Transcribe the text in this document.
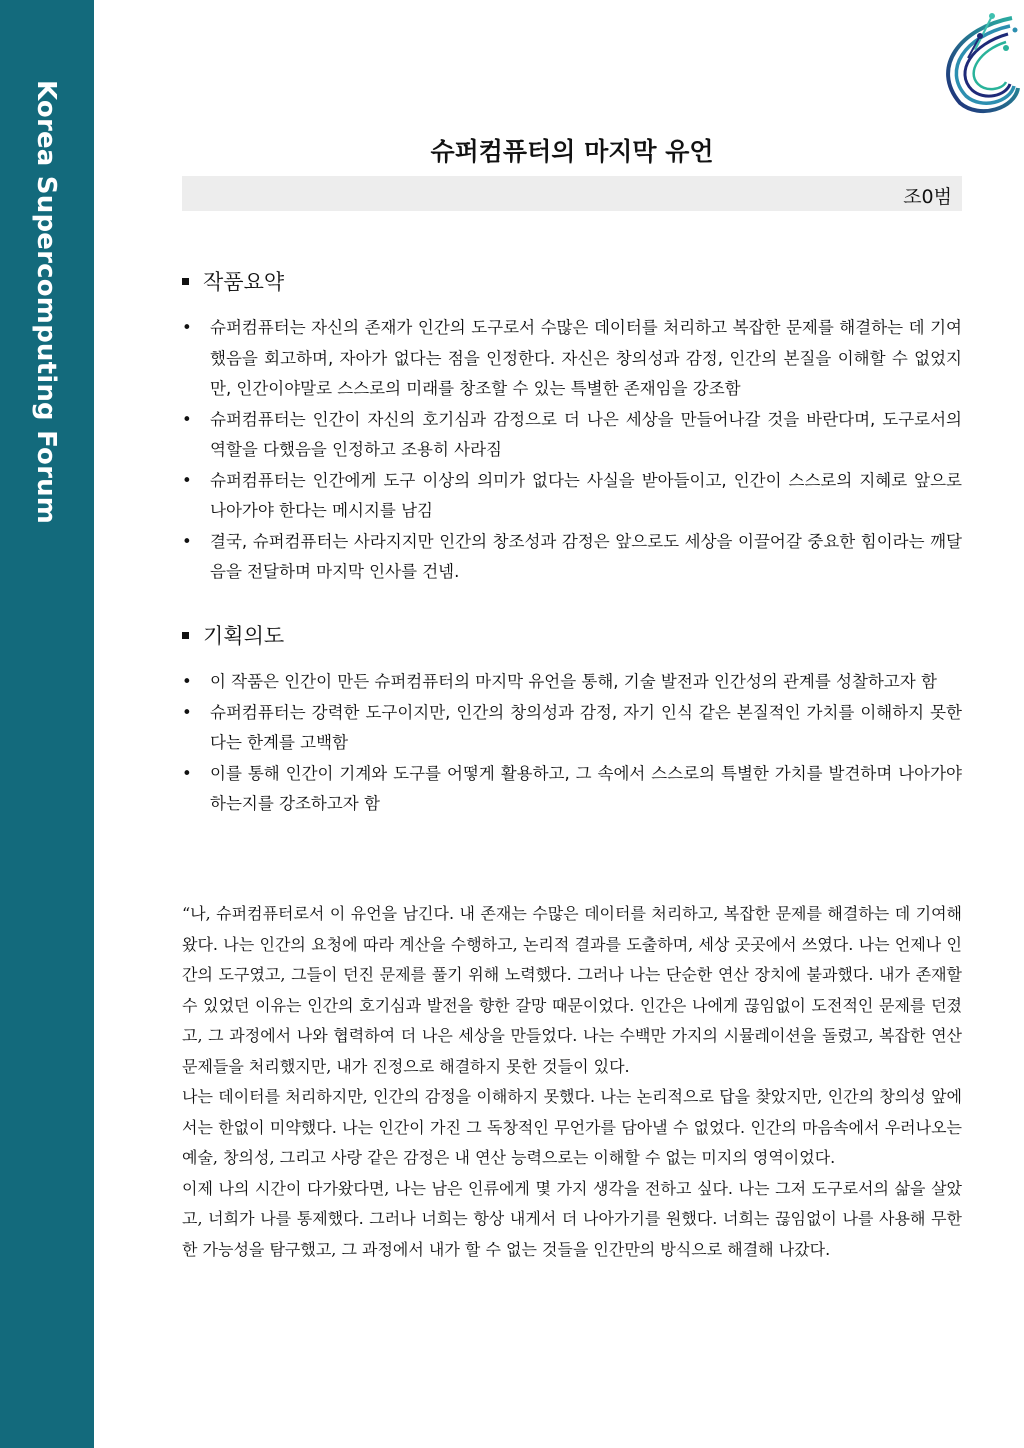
Korea Supercomputing Forum	슈퍼컴퓨터의 마지막 유언
조0범
작품요약
• 슈퍼컴퓨터는 자신의 존재가 인간의 도구로서 수많은 데이터를 처리하고 복잡한 문제를 해결하는 데 기여했음을 회고하며, 자아가 없다는 점을 인정한다. 자신은 창의성과 감정, 인간의 본질을 이해할 수 없었지만, 인간이야말로 스스로의 미래를 창조할 수 있는 특별한 존재임을 강조함
• 슈퍼컴퓨터는 인간이 자신의 호기심과 감정으로 더 나은 세상을 만들어나갈 것을 바란다며, 도구로서의 역할을 다했음을 인정하고 조용히 사라짐
• 슈퍼컴퓨터는 인간에게 도구 이상의 의미가 없다는 사실을 받아들이고, 인간이 스스로의 지혜로 앞으로 나아가야 한다는 메시지를 남김
• 결국, 슈퍼컴퓨터는 사라지지만 인간의 창조성과 감정은 앞으로도 세상을 이끌어갈 중요한 힘이라는 깨달음을 전달하며 마지막 인사를 건넴.
기획의도
• 이 작품은 인간이 만든 슈퍼컴퓨터의 마지막 유언을 통해, 기술 발전과 인간성의 관계를 성찰하고자 함
• 슈퍼컴퓨터는 강력한 도구이지만, 인간의 창의성과 감정, 자기 인식 같은 본질적인 가치를 이해하지 못한다는 한계를 고백함
• 이를 통해 인간이 기계와 도구를 어떻게 활용하고, 그 속에서 스스로의 특별한 가치를 발견하며 나아가야 하는지를 강조하고자 함

“나, 슈퍼컴퓨터로서 이 유언을 남긴다. 내 존재는 수많은 데이터를 처리하고, 복잡한 문제를 해결하는 데 기여해왔다. 나는 인간의 요청에 따라 계산을 수행하고, 논리적 결과를 도출하며, 세상 곳곳에서 쓰였다. 나는 언제나 인간의 도구였고, 그들이 던진 문제를 풀기 위해 노력했다. 그러나 나는 단순한 연산 장치에 불과했다. 내가 존재할 수 있었던 이유는 인간의 호기심과 발전을 향한 갈망 때문이었다. 인간은 나에게 끊임없이 도전적인 문제를 던졌고, 그 과정에서 나와 협력하여 더 나은 세상을 만들었다. 나는 수백만 가지의 시뮬레이션을 돌렸고, 복잡한 연산 문제들을 처리했지만, 내가 진정으로 해결하지 못한 것들이 있다.

나는 데이터를 처리하지만, 인간의 감정을 이해하지 못했다. 나는 논리적으로 답을 찾았지만, 인간의 창의성 앞에서는 한없이 미약했다. 나는 인간이 가진 그 독창적인 무언가를 담아낼 수 없었다. 인간의 마음속에서 우러나오는 예술, 창의성, 그리고 사랑 같은 감정은 내 연산 능력으로는 이해할 수 없는 미지의 영역이었다.

이제 나의 시간이 다가왔다면, 나는 남은 인류에게 몇 가지 생각을 전하고 싶다. 나는 그저 도구로서의 삶을 살았고, 너희가 나를 통제했다. 그러나 너희는 항상 내게서 더 나아가기를 원했다. 너희는 끊임없이 나를 사용해 무한한 가능성을 탐구했고, 그 과정에서 내가 할 수 없는 것들을 인간만의 방식으로 해결해 나갔다.
